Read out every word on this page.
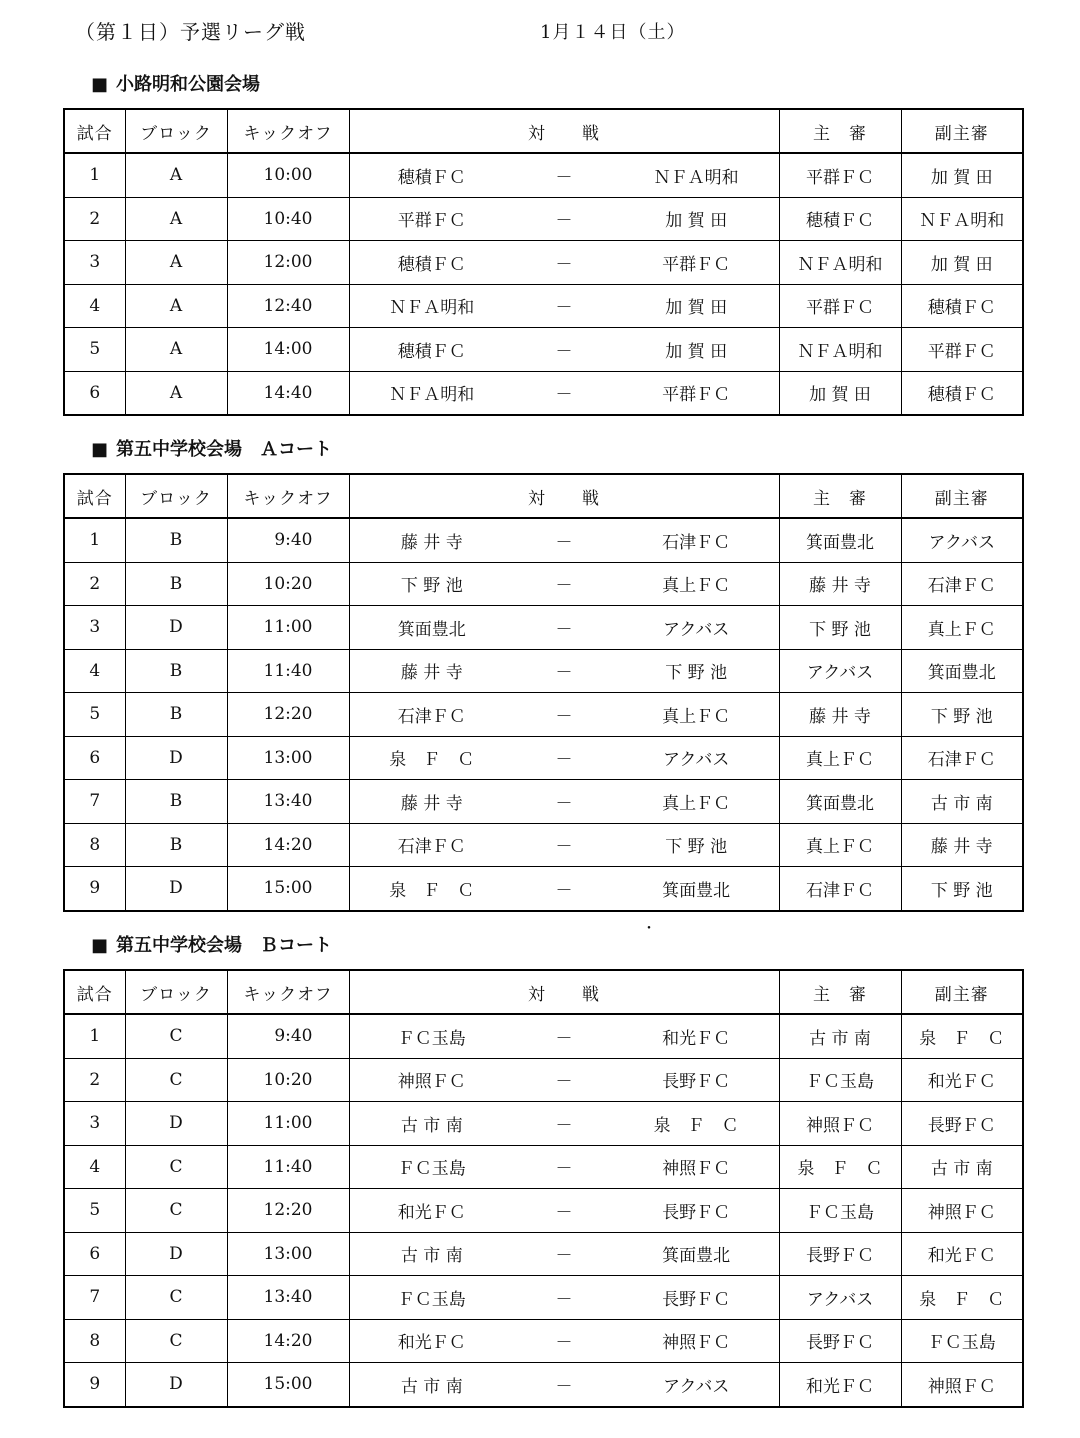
（第１日）予選リーグ戦	1月１４日（土）
■ 小路明和公園会場
試合	ブロック	キックオフ	対　　戦	主　審	副主審
1	A	10:00	穂積ＦＣ － ＮＦＡ明和	平群ＦＣ	加 賀 田
2	A	10:40	平群ＦＣ － 加 賀 田	穂積ＦＣ	ＮＦＡ明和
3	A	12:00	穂積ＦＣ － 平群ＦＣ	ＮＦＡ明和	加 賀 田
4	A	12:40	ＮＦＡ明和 － 加 賀 田	平群ＦＣ	穂積ＦＣ
5	A	14:00	穂積ＦＣ － 加 賀 田	ＮＦＡ明和	平群ＦＣ
6	A	14:40	ＮＦＡ明和 － 平群ＦＣ	加 賀 田	穂積ＦＣ
■ 第五中学校会場　Ａコート
試合	ブロック	キックオフ	対　　戦	主　審	副主審
1	B	9:40	藤 井 寺 － 石津ＦＣ	箕面豊北	アクバス
2	B	10:20	下 野 池 － 真上ＦＣ	藤 井 寺	石津ＦＣ
3	D	11:00	箕面豊北 － アクバス	下 野 池	真上ＦＣ
4	B	11:40	藤 井 寺 － 下 野 池	アクバス	箕面豊北
5	B	12:20	石津ＦＣ － 真上ＦＣ	藤 井 寺	下 野 池
6	D	13:00	泉　Ｆ　Ｃ － アクバス	真上ＦＣ	石津ＦＣ
7	B	13:40	藤 井 寺 － 真上ＦＣ	箕面豊北	古 市 南
8	B	14:20	石津ＦＣ － 下 野 池	真上ＦＣ	藤 井 寺
9	D	15:00	泉　Ｆ　Ｃ － 箕面豊北	石津ＦＣ	下 野 池
■ 第五中学校会場　Ｂコート
試合	ブロック	キックオフ	対　　戦	主　審	副主審
1	C	9:40	ＦＣ玉島 － 和光ＦＣ	古 市 南	泉　Ｆ　Ｃ
2	C	10:20	神照ＦＣ － 長野ＦＣ	ＦＣ玉島	和光ＦＣ
3	D	11:00	古 市 南 － 泉　Ｆ　Ｃ	神照ＦＣ	長野ＦＣ
4	C	11:40	ＦＣ玉島 － 神照ＦＣ	泉　Ｆ　Ｃ	古 市 南
5	C	12:20	和光ＦＣ － 長野ＦＣ	ＦＣ玉島	神照ＦＣ
6	D	13:00	古 市 南 － 箕面豊北	長野ＦＣ	和光ＦＣ
7	C	13:40	ＦＣ玉島 － 長野ＦＣ	アクバス	泉　Ｆ　Ｃ
8	C	14:20	和光ＦＣ － 神照ＦＣ	長野ＦＣ	ＦＣ玉島
9	D	15:00	古 市 南 － アクバス	和光ＦＣ	神照ＦＣ
・
